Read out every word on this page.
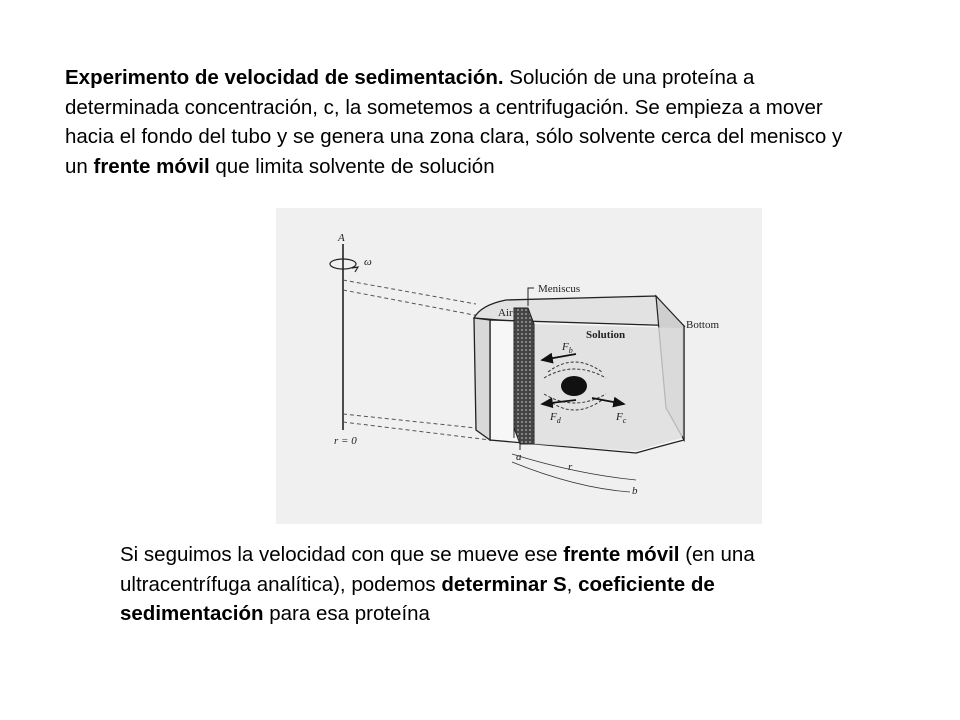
Experimento de velocidad de sedimentación. Solución de una proteína a determinada concentración, c, la sometemos a centrifugación. Se empieza a mover hacia el fondo del tubo y se genera una zona clara, sólo solvente cerca del menisco y un frente móvil que limita solvente de solución
A
ω
r = 0
$F_b$
$F_d$	$F_c$
Air
Solution
Bottom
Meniscus
a
r
b
Si seguimos la velocidad con que se mueve ese frente móvil (en una ultracentrífuga analítica), podemos determinar S, coeficiente de sedimentación para esa proteína
